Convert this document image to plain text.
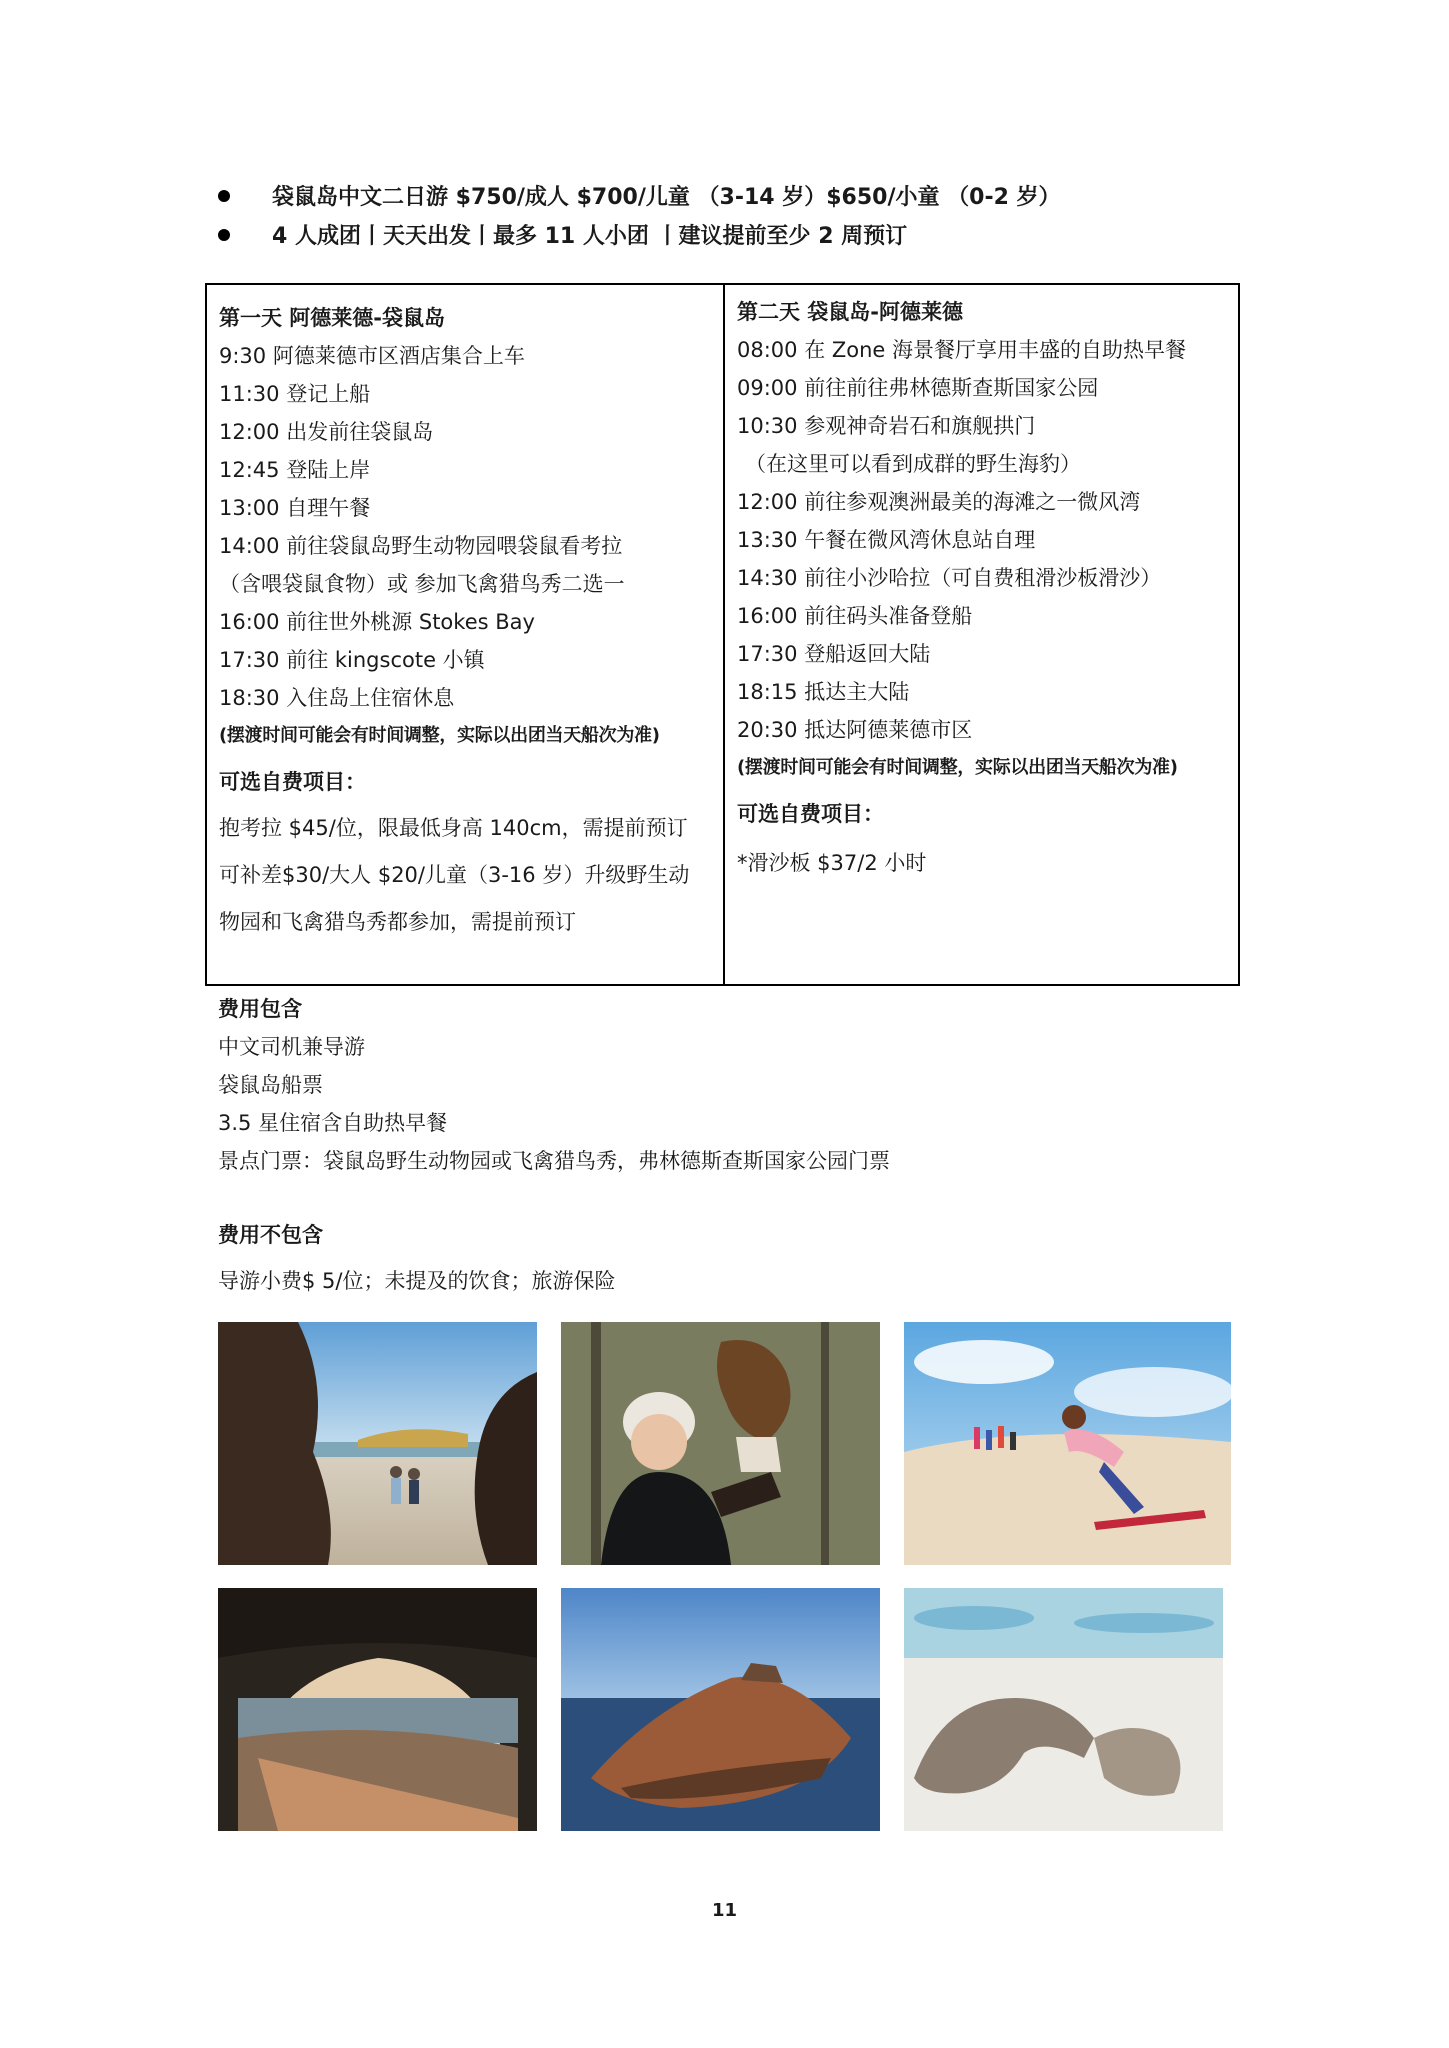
袋鼠岛中文二日游 $750/成人 $700/儿童 （3-14 岁）$650/小童 （0-2 岁）
4 人成团丨天天出发丨最多 11 人小团 丨建议提前至少 2 周预订
第一天 阿德莱德-袋鼠岛
9:30 阿德莱德市区酒店集合上车
11:30 登记上船
12:00 出发前往袋鼠岛
12:45 登陆上岸
13:00 自理午餐
14:00 前往袋鼠岛野生动物园喂袋鼠看考拉
（含喂袋鼠食物）或 参加飞禽猎鸟秀二选一
16:00 前往世外桃源 Stokes Bay
17:30 前往 kingscote 小镇
18:30 入住岛上住宿休息
(摆渡时间可能会有时间调整，实际以出团当天船次为准)
可选自费项目：
抱考拉 $45/位，限最低身高 140cm，需提前预订
可补差$30/大人 $20/儿童（3-16 岁）升级野生动
物园和飞禽猎鸟秀都参加，需提前预订
第二天 袋鼠岛-阿德莱德
08:00 在 Zone 海景餐厅享用丰盛的自助热早餐
09:00 前往前往弗林德斯查斯国家公园
10:30 参观神奇岩石和旗舰拱门
（在这里可以看到成群的野生海豹）
12:00 前往参观澳洲最美的海滩之一微风湾
13:30 午餐在微风湾休息站自理
14:30 前往小沙哈拉（可自费租滑沙板滑沙）
16:00 前往码头准备登船
17:30 登船返回大陆
18:15 抵达主大陆
20:30 抵达阿德莱德市区
(摆渡时间可能会有时间调整，实际以出团当天船次为准)
可选自费项目：
*滑沙板 $37/2 小时
费用包含
中文司机兼导游
袋鼠岛船票
3.5 星住宿含自助热早餐
景点门票：袋鼠岛野生动物园或飞禽猎鸟秀，弗林德斯查斯国家公园门票
费用不包含
导游小费$ 5/位；未提及的饮食；旅游保险
11
